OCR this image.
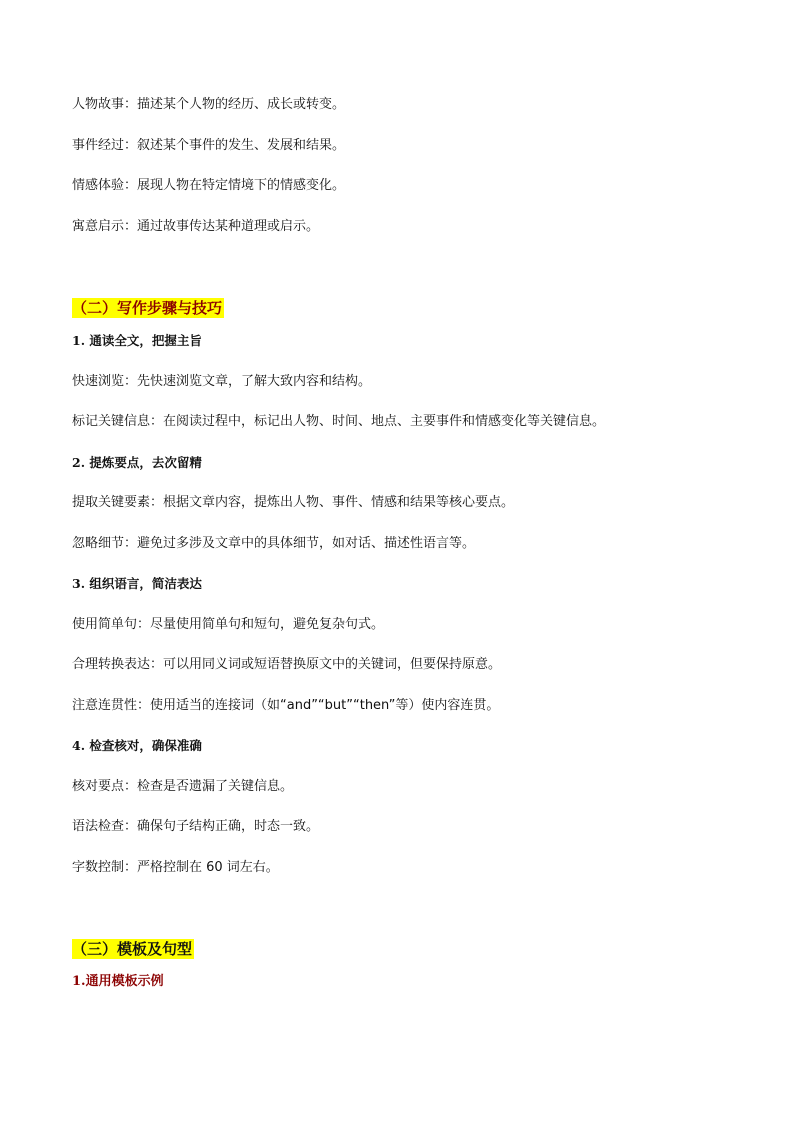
人物故事：描述某个人物的经历、成长或转变。
事件经过：叙述某个事件的发生、发展和结果。
情感体验：展现人物在特定情境下的情感变化。
寓意启示：通过故事传达某种道理或启示。
（二）写作步骤与技巧
1. 通读全文，把握主旨
快速浏览：先快速浏览文章，了解大致内容和结构。
标记关键信息：在阅读过程中，标记出人物、时间、地点、主要事件和情感变化等关键信息。
2. 提炼要点，去次留精
提取关键要素：根据文章内容，提炼出人物、事件、情感和结果等核心要点。
忽略细节：避免过多涉及文章中的具体细节，如对话、描述性语言等。
3. 组织语言，简洁表达
使用简单句：尽量使用简单句和短句，避免复杂句式。
合理转换表达：可以用同义词或短语替换原文中的关键词，但要保持原意。
注意连贯性：使用适当的连接词（如“and”“but”“then”等）使内容连贯。
4. 检查核对，确保准确
核对要点：检查是否遗漏了关键信息。
语法检查：确保句子结构正确，时态一致。
字数控制：严格控制在 60 词左右。
（三）模板及句型
1.通用模板示例
